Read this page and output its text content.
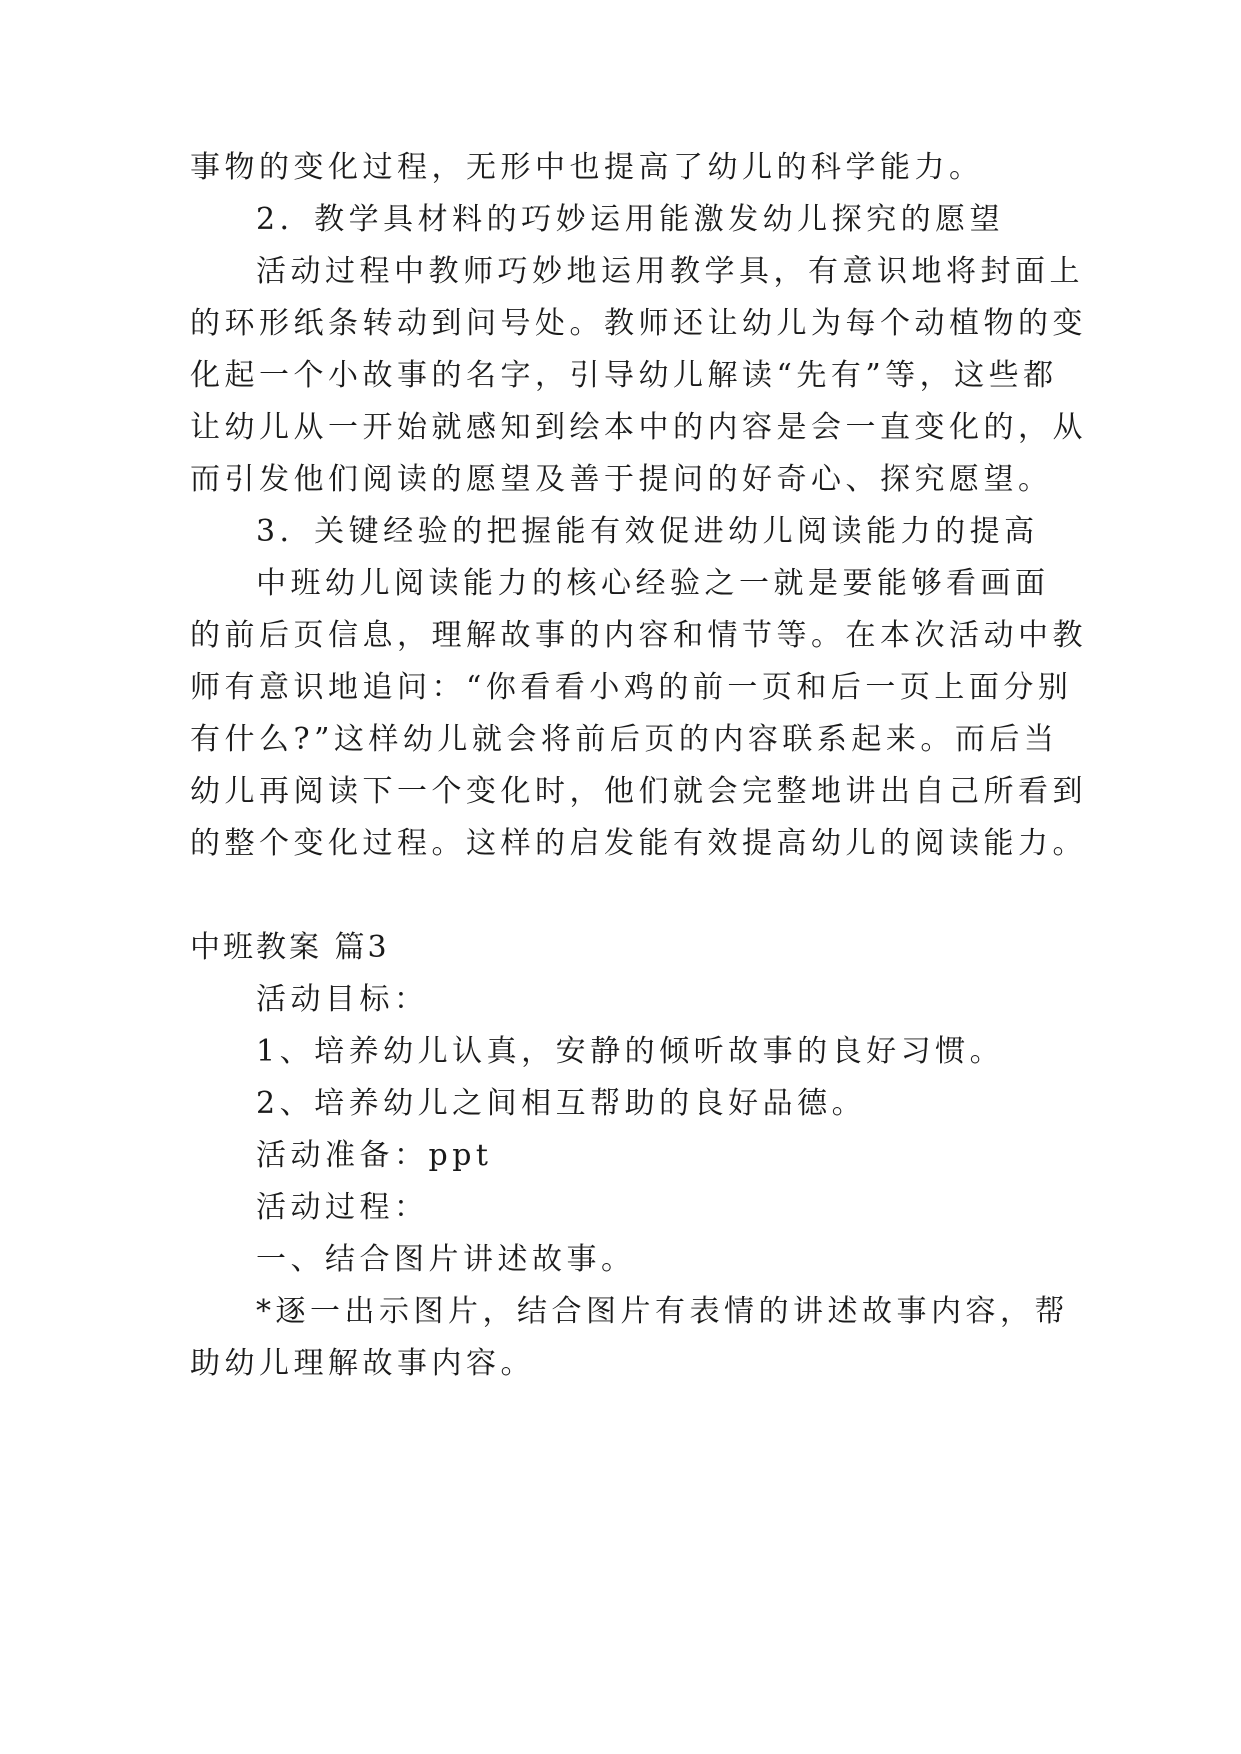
事物的变化过程，无形中也提高了幼儿的科学能力。
2．教学具材料的巧妙运用能激发幼儿探究的愿望
活动过程中教师巧妙地运用教学具，有意识地将封面上
的环形纸条转动到问号处。教师还让幼儿为每个动植物的变
化起一个小故事的名字，引导幼儿解读“先有”等，这些都
让幼儿从一开始就感知到绘本中的内容是会一直变化的，从
而引发他们阅读的愿望及善于提问的好奇心、探究愿望。
3．关键经验的把握能有效促进幼儿阅读能力的提高
中班幼儿阅读能力的核心经验之一就是要能够看画面
的前后页信息，理解故事的内容和情节等。在本次活动中教
师有意识地追问：“你看看小鸡的前一页和后一页上面分别
有什么?”这样幼儿就会将前后页的内容联系起来。而后当
幼儿再阅读下一个变化时，他们就会完整地讲出自己所看到
的整个变化过程。这样的启发能有效提高幼儿的阅读能力。
中班教案 篇3
活动目标：
1、培养幼儿认真，安静的倾听故事的良好习惯。
2、培养幼儿之间相互帮助的良好品德。
活动准备：ppt
活动过程：
一、结合图片讲述故事。
*逐一出示图片，结合图片有表情的讲述故事内容，帮
助幼儿理解故事内容。
